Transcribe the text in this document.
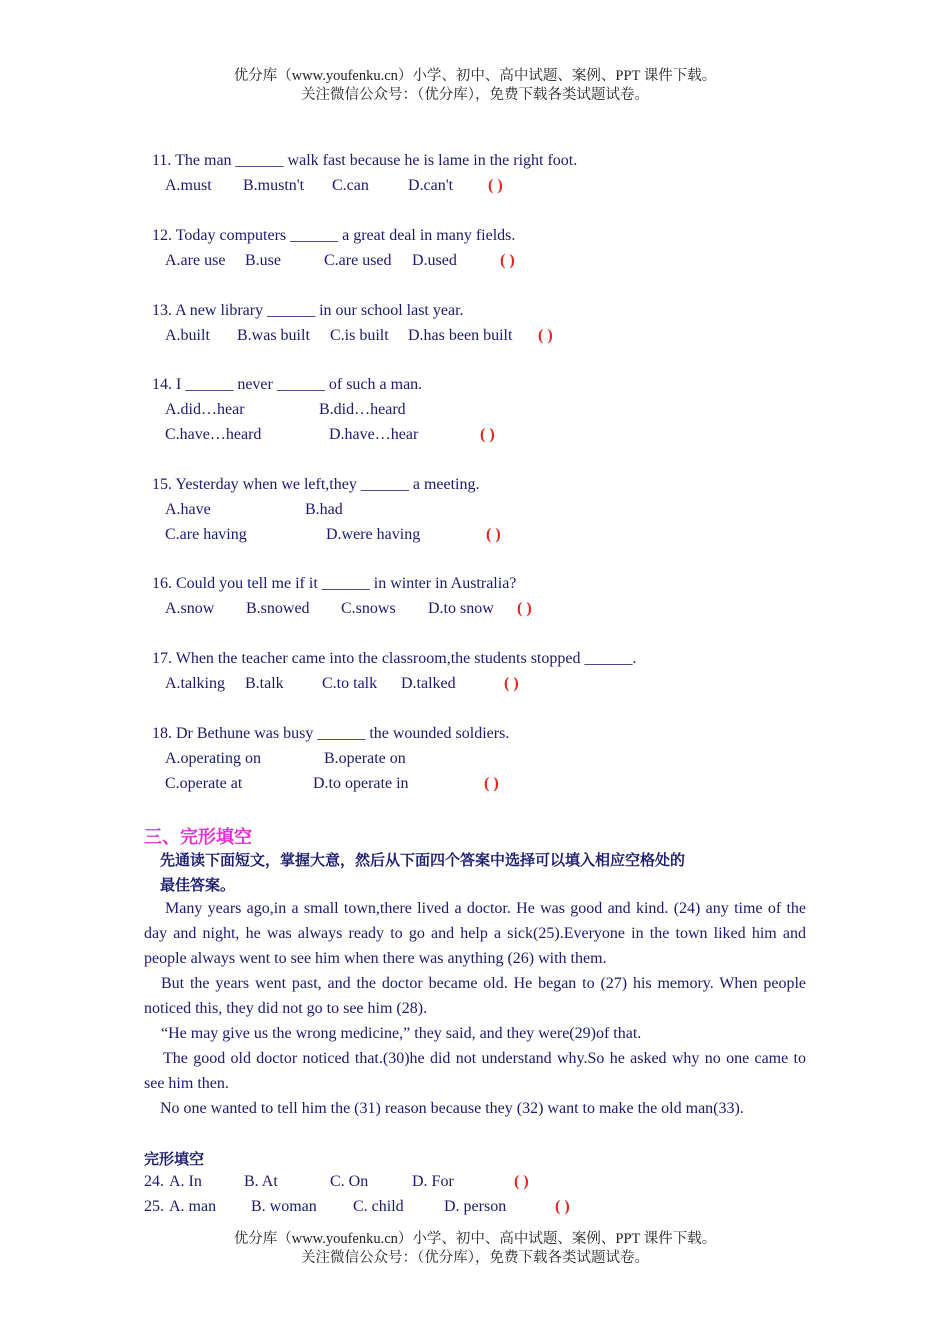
优分库（www.youfenku.cn）小学、初中、高中试题、案例、PPT 课件下载。
关注微信公众号：（优分库），免费下载各类试题试卷。
11. The man ______ walk fast because he is lame in the right foot.
A.must B.mustn't C.can D.can't ( )
12. Today computers ______ a great deal in many fields.
A.are use B.use	C.are used D.used	( )
13. A new library ______ in our school last year.
A.built B.was built C.is built D.has been built ( )
14. I ______ never ______ of such a man.
A.did…hear	B.did…heard
C.have…heard	D.have…hear	( )
15. Yesterday when we left,they ______ a meeting.
A.have	B.had
C.are having	D.were having	( )
16. Could you tell me if it ______ in winter in Australia?
A.snow B.snowed C.snows D.to snow ( )
17. When the teacher came into the classroom,the students stopped ______.
A.talking B.talk C.to talk D.talked	( )
18. Dr Bethune was busy ______ the wounded soldiers.
A.operating on	B.operate on
C.operate at	D.to operate in	( )
三、完形填空
先通读下面短文，掌握大意，然后从下面四个答案中选择可以填入相应空格处的
最佳答案。
Many years ago,in a small town,there lived a doctor. He was good and kind. (24) any time of the day and night, he was always ready to go and help a sick(25).Everyone in the town liked him and people always went to see him when there was anything (26) with them.
But the years went past, and the doctor became old. He began to (27) his memory. When people noticed this, they did not go to see him (28).
“He may give us the wrong medicine,” they said, and they were(29)of that.
The good old doctor noticed that.(30)he did not understand why.So he asked why no one came to see him then.
No one wanted to tell him the (31) reason because they (32) want to make the old man(33).
完形填空
24. A. In	B. At	C. On	D. For	( )
25. A. man B. woman C. child	D. person	( )
优分库（www.youfenku.cn）小学、初中、高中试题、案例、PPT 课件下载。
关注微信公众号：（优分库），免费下载各类试题试卷。
